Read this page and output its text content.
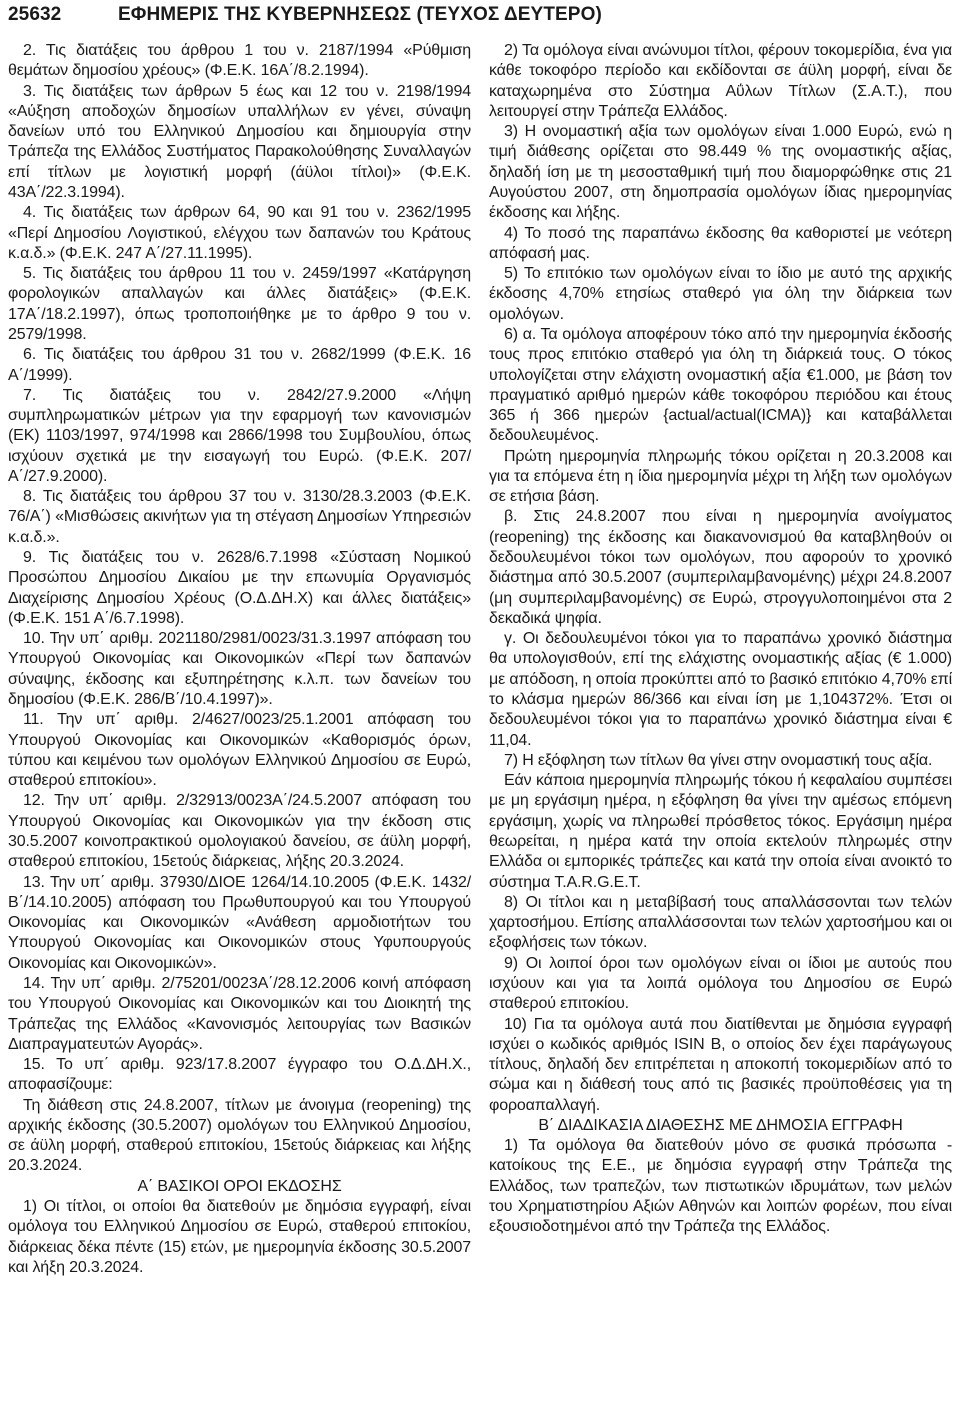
25632	ΕΦΗΜΕΡΙΣ ΤΗΣ ΚΥΒΕΡΝΗΣΕΩΣ (ΤΕΥΧΟΣ ΔΕΥΤΕΡΟ)

2. Τις διατάξεις του άρθρου 1 του ν. 2187/1994 «Ρύθμιση θεμάτων δημοσίου χρέους» (Φ.Ε.Κ. 16Α΄/8.2.1994).

3. Τις διατάξεις των άρθρων 5 έως και 12 του ν. 2198/1994 «Αύξηση αποδοχών δημοσίων υπαλλήλων εν γένει, σύναψη δανείων υπό του Ελληνικού Δημοσίου και δημιουργία στην Τράπεζα της Ελλάδος Συστήματος Παρακολούθησης Συναλλαγών επί τίτλων με λογιστική μορφή (άϋλοι τίτλοι)» (Φ.Ε.Κ. 43Α΄/22.3.1994).

4. Τις διατάξεις των άρθρων 64, 90 και 91 του ν. 2362/1995 «Περί Δημοσίου Λογιστικού, ελέγχου των δαπανών του Κράτους κ.α.δ.» (Φ.Ε.Κ. 247 Α΄/27.11.1995).

5. Τις διατάξεις του άρθρου 11 του ν. 2459/1997 «Κατάργηση φορολογικών απαλλαγών και άλλες διατάξεις» (Φ.Ε.Κ. 17Α΄/18.2.1997), όπως τροποποιήθηκε με το άρθρο 9 του ν. 2579/1998.

6. Τις διατάξεις του άρθρου 31 του ν. 2682/1999 (Φ.Ε.Κ. 16 Α΄/1999).

7. Τις διατάξεις του ν. 2842/27.9.2000 «Λήψη συμπληρωματικών μέτρων για την εφαρμογή των κανονισμών (ΕΚ) 1103/1997, 974/1998 και 2866/1998 του Συμβουλίου, όπως ισχύουν σχετικά με την εισαγωγή του Ευρώ. (Φ.Ε.Κ. 207/Α΄/27.9.2000).

8. Τις διατάξεις του άρθρου 37 του ν. 3130/28.3.2003 (Φ.Ε.Κ. 76/Α΄) «Μισθώσεις ακινήτων για τη στέγαση Δημοσίων Υπηρεσιών κ.α.δ.».

9. Τις διατάξεις του ν. 2628/6.7.1998 «Σύσταση Νομικού Προσώπου Δημοσίου Δικαίου με την επωνυμία Οργανισμός Διαχείρισης Δημοσίου Χρέους (Ο.Δ.ΔΗ.Χ) και άλλες διατάξεις» (Φ.Ε.Κ. 151 Α΄/6.7.1998).

10. Την υπ΄ αριθμ. 2021180/2981/0023/31.3.1997 απόφαση του Υπουργού Οικονομίας και Οικονομικών «Περί των δαπανών σύναψης, έκδοσης και εξυπηρέτησης κ.λ.π. των δανείων του δημοσίου (Φ.Ε.Κ. 286/Β΄/10.4.1997)».

11. Την υπ΄ αριθμ. 2/4627/0023/25.1.2001 απόφαση του Υπουργού Οικονομίας και Οικονομικών «Καθορισμός όρων, τύπου και κειμένου των ομολόγων Ελληνικού Δημοσίου σε Ευρώ, σταθερού επιτοκίου».

12. Την υπ΄ αριθμ. 2/32913/0023Α΄/24.5.2007 απόφαση του Υπουργού Οικονομίας και Οικονομικών για την έκδοση στις 30.5.2007 κοινοπρακτικού ομολογιακού δανείου, σε άϋλη μορφή, σταθερού επιτοκίου, 15ετούς διάρκειας, λήξης 20.3.2024.

13. Την υπ΄ αριθμ. 37930/ΔΙΟΕ 1264/14.10.2005 (Φ.Ε.Κ. 1432/Β΄/14.10.2005) απόφαση του Πρωθυπουργού και του Υπουργού Οικονομίας και Οικονομικών «Ανάθεση αρμοδιοτήτων του Υπουργού Οικονομίας και Οικονομικών στους Υφυπουργούς Οικονομίας και Οικονομικών».

14. Την υπ΄ αριθμ. 2/75201/0023Α΄/28.12.2006 κοινή απόφαση του Υπουργού Οικονομίας και Οικονομικών και του Διοικητή της Τράπεζας της Ελλάδος «Κανονισμός λειτουργίας των Βασικών Διαπραγματευτών Αγοράς».

15. Το υπ΄ αριθμ. 923/17.8.2007 έγγραφο του Ο.Δ.ΔΗ.Χ., αποφασίζουμε:

Τη διάθεση στις 24.8.2007, τίτλων με άνοιγμα (reopening) της αρχικής έκδοσης (30.5.2007) ομολόγων του Ελληνικού Δημοσίου, σε άϋλη μορφή, σταθερού επιτοκίου, 15ετούς διάρκειας και λήξης 20.3.2024.

Α΄ ΒΑΣΙΚΟΙ ΟΡΟΙ ΕΚΔΟΣΗΣ

1) Οι τίτλοι, οι οποίοι θα διατεθούν με δημόσια εγγραφή, είναι ομόλογα του Ελληνικού Δημοσίου σε Ευρώ, σταθερού επιτοκίου, διάρκειας δέκα πέντε (15) ετών, με ημερομηνία έκδοσης 30.5.2007 και λήξη 20.3.2024.

2) Τα ομόλογα είναι ανώνυμοι τίτλοι, φέρουν τοκομερίδια, ένα για κάθε τοκοφόρο περίοδο και εκδίδονται σε άϋλη μορφή, είναι δε καταχωρημένα στο Σύστημα Αΰλων Τίτλων (Σ.Α.Τ.), που λειτουργεί στην Τράπεζα Ελλάδος.

3) Η ονομαστική αξία των ομολόγων είναι 1.000 Ευρώ, ενώ η τιμή διάθεσης ορίζεται στο 98.449 % της ονομαστικής αξίας, δηλαδή ίση με τη μεσοσταθμική τιμή που διαμορφώθηκε στις 21 Αυγούστου 2007, στη δημοπρασία ομολόγων ίδιας ημερομηνίας έκδοσης και λήξης.

4) Το ποσό της παραπάνω έκδοσης θα καθοριστεί με νεότερη απόφασή μας.

5) Το επιτόκιο των ομολόγων είναι το ίδιο με αυτό της αρχικής έκδοσης 4,70% ετησίως σταθερό για όλη την διάρκεια των ομολόγων.

6) α. Τα ομόλογα αποφέρουν τόκο από την ημερομηνία έκδοσής τους προς επιτόκιο σταθερό για όλη τη διάρκειά τους. Ο τόκος υπολογίζεται στην ελάχιστη ονομαστική αξία €1.000, με βάση τον πραγματικό αριθμό ημερών κάθε τοκοφόρου περιόδου και έτους 365 ή 366 ημερών {actual/actual(ICMA)} και καταβάλλεται δεδουλευμένος.

Πρώτη ημερομηνία πληρωμής τόκου ορίζεται η 20.3.2008 και για τα επόμενα έτη η ίδια ημερομηνία μέχρι τη λήξη των ομολόγων σε ετήσια βάση.

β. Στις 24.8.2007 που είναι η ημερομηνία ανοίγματος (reopening) της έκδοσης και διακανονισμού θα καταβληθούν οι δεδουλευμένοι τόκοι των ομολόγων, που αφορούν το χρονικό διάστημα από 30.5.2007 (συμπεριλαμβανομένης) μέχρι 24.8.2007 (μη συμπεριλαμβανομένης) σε Ευρώ, στρογγυλοποιημένοι στα 2 δεκαδικά ψηφία.

γ. Οι δεδουλευμένοι τόκοι για το παραπάνω χρονικό διάστημα θα υπολογισθούν, επί της ελάχιστης ονομαστικής αξίας (€ 1.000) με απόδοση, η οποία προκύπτει από το βασικό επιτόκιο 4,70% επί το κλάσμα ημερών 86/366 και είναι ίση με 1,104372%. Έτσι οι δεδουλευμένοι τόκοι για το παραπάνω χρονικό διάστημα είναι € 11,04.

7) Η εξόφληση των τίτλων θα γίνει στην ονομαστική τους αξία.

Εάν κάποια ημερομηνία πληρωμής τόκου ή κεφαλαίου συμπέσει με μη εργάσιμη ημέρα, η εξόφληση θα γίνει την αμέσως επόμενη εργάσιμη, χωρίς να πληρωθεί πρόσθετος τόκος. Εργάσιμη ημέρα θεωρείται, η ημέρα κατά την οποία εκτελούν πληρωμές στην Ελλάδα οι εμπορικές τράπεζες και κατά την οποία είναι ανοικτό το σύστημα T.A.R.G.E.T.

8) Οι τίτλοι και η μεταβίβασή τους απαλλάσσονται των τελών χαρτοσήμου. Επίσης απαλλάσσονται των τελών χαρτοσήμου και οι εξοφλήσεις των τόκων.

9) Οι λοιποί όροι των ομολόγων είναι οι ίδιοι με αυτούς που ισχύουν και για τα λοιπά ομόλογα του Δημοσίου σε Ευρώ σταθερού επιτοκίου.

10) Για τα ομόλογα αυτά που διατίθενται με δημόσια εγγραφή ισχύει ο κωδικός αριθμός ISIN B, ο οποίος δεν έχει παράγωγους τίτλους, δηλαδή δεν επιτρέπεται η αποκοπή τοκομεριδίων από το σώμα και η διάθεσή τους από τις βασικές προϋποθέσεις για τη φοροαπαλλαγή.

Β΄ ΔΙΑΔΙΚΑΣΙΑ ΔΙΑΘΕΣΗΣ ΜΕ ΔΗΜΟΣΙΑ ΕΓΓΡΑΦΗ

1) Τα ομόλογα θα διατεθούν μόνο σε φυσικά πρόσωπα - κατοίκους της Ε.Ε., με δημόσια εγγραφή στην Τράπεζα της Ελλάδος, των τραπεζών, των πιστωτικών ιδρυμάτων, των μελών του Χρηματιστηρίου Αξιών Αθηνών και λοιπών φορέων, που είναι εξουσιοδοτημένοι από την Τράπεζα της Ελλάδος.
